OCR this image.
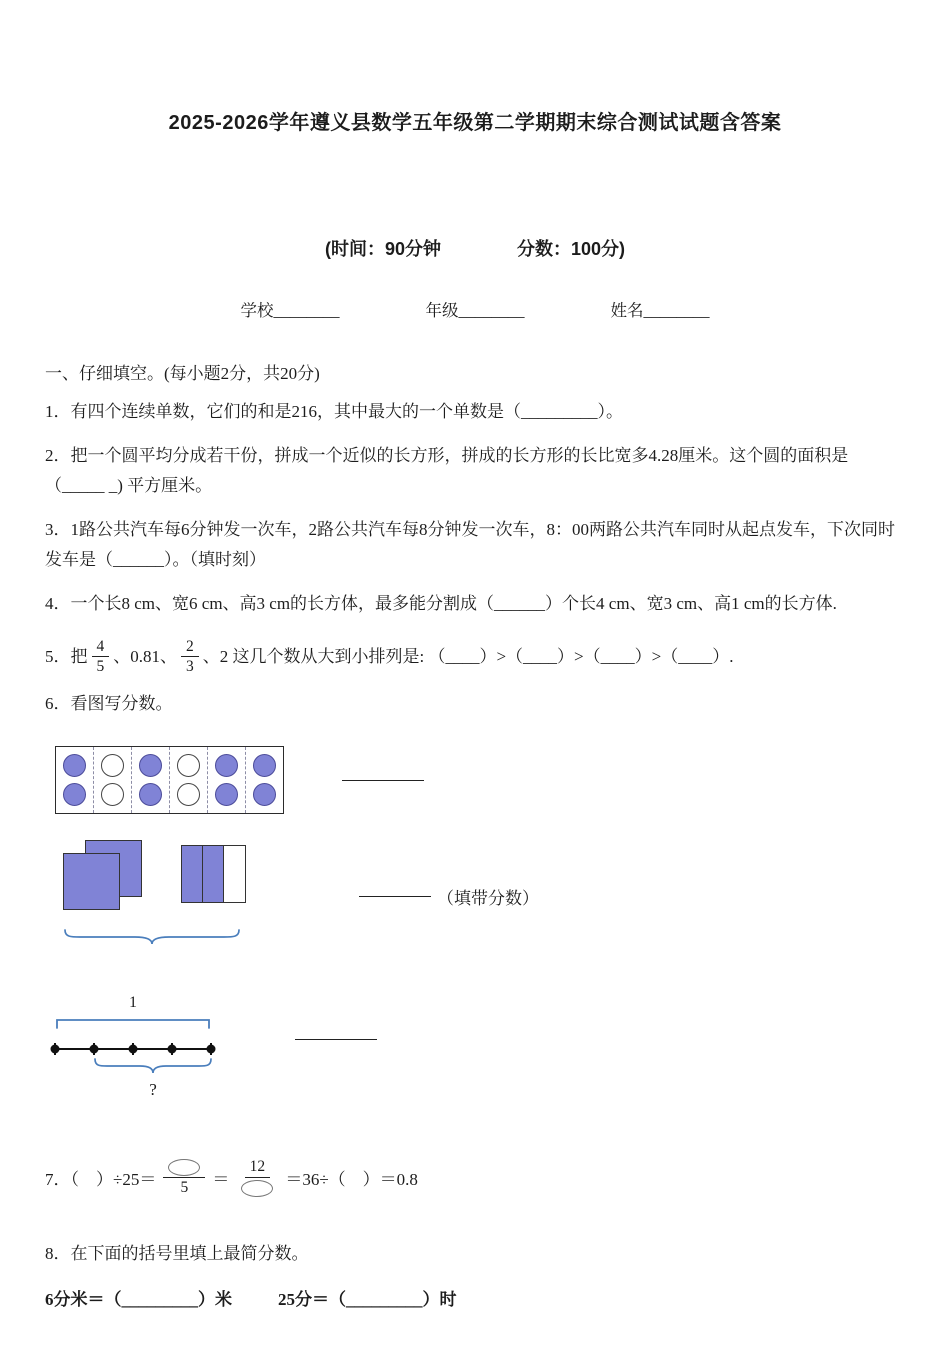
2025-2026学年遵义县数学五年级第二学期期末综合测试试题含答案
(时间：90分钟	分数：100分)
学校________	年级________	姓名________

一、仔细填空。(每小题2分，共20分)

1．有四个连续单数，它们的和是216，其中最大的一个单数是（_________）。

2．把一个圆平均分成若干份，拼成一个近似的长方形，拼成的长方形的长比宽多4.28厘米。这个圆的面积是（_____ _) 平方厘米。

3．1路公共汽车每6分钟发一次车，2路公共汽车每8分钟发一次车，8：00两路公共汽车同时从起点发车，下次同时发车是（______）。（填时刻）

4．一个长8 cm、宽6 cm、高3 cm的长方体，最多能分割成（______）个长4 cm、宽3 cm、高1 cm的长方体.

5．把 $\frac{4}{5}$ 、0.81、 $\frac{2}{3}$ 、2 这几个数从大到小排列是: （____）>（____）>（____）>（____）.

6．看图写分数。

（填带分数）
1
?
7．（　）÷25＝	5 ＝
12
＝36÷（　）＝0.8

8．在下面的括号里填上最简分数。

6分米＝（_________）米	25分＝（_________）时
